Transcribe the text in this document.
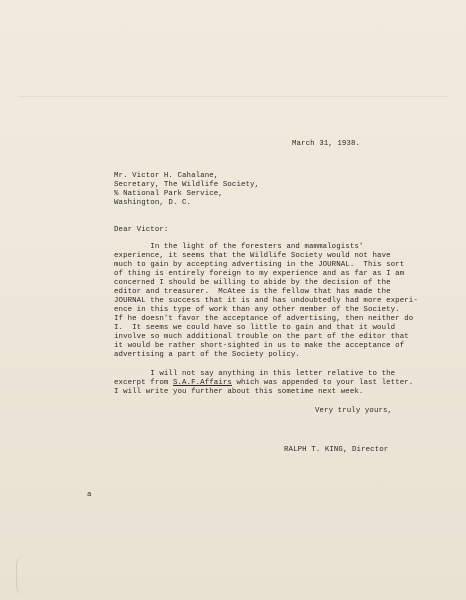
March 31, 1938.
Mr. Victor H. Cahalane,
Secretary, The Wildlife Society,
% National Park Service,
Washington, D. C.
Dear Victor:
In the light of the foresters and mammalogists'
experience, it seems that the Wildlife Society would not have
much to gain by accepting advertising in the JOURNAL.  This sort
of thing is entirely foreign to my experience and as far as I am
concerned I should be willing to abide by the decision of the
editor and treasurer.  McAtee is the fellow that has made the
JOURNAL the success that it is and has undoubtedly had more experi-
ence in this type of work than any other member of the Society.
If he doesn't favor the acceptance of advertising, then neither do
I.  It seems we could have so little to gain and that it would
involve so much additional trouble on the part of the editor that
it would be rather short-sighted in us to make the acceptance of
advertising a part of the Society policy.
I will not say anything in this letter relative to the
excerpt from S.A.F.Affairs which was appended to your last letter.
I will write you further about this sometime next week.
Very truly yours,
RALPH T. KING, Director
a
